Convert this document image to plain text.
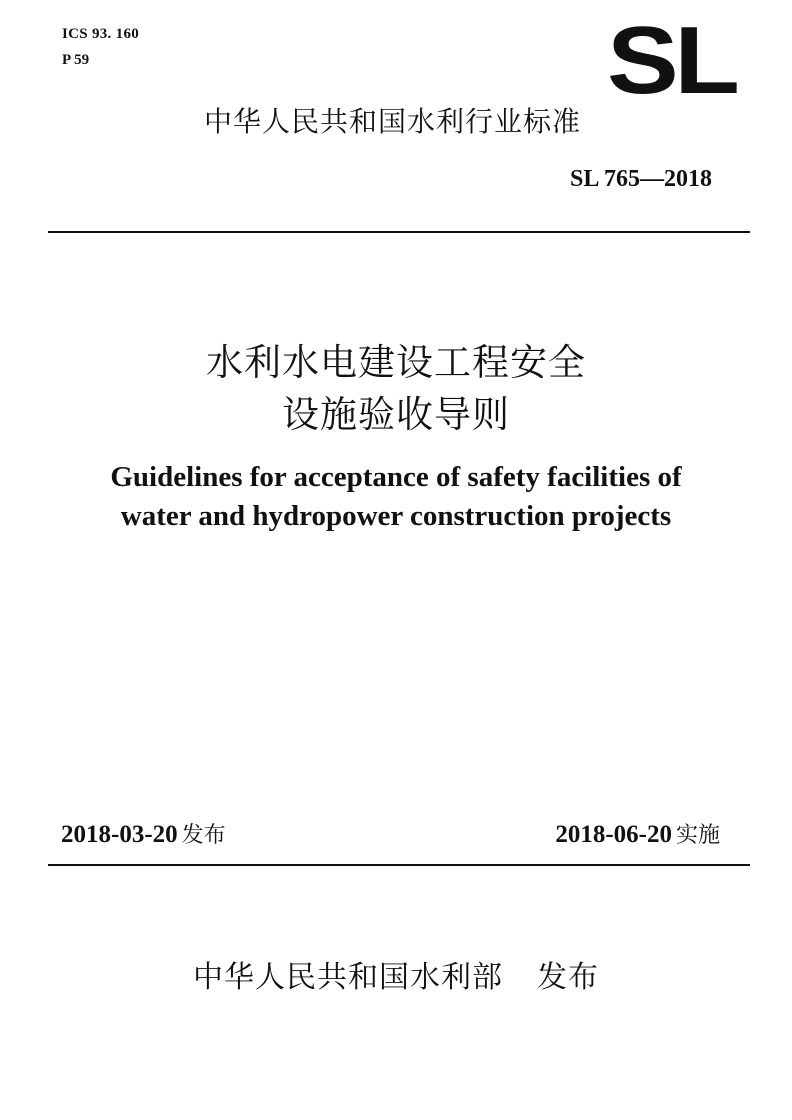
ICS 93. 160
P 59	SL
中华人民共和国水利行业标准
SL 765—2018
水利水电建设工程安全
设施验收导则
Guidelines for acceptance of safety facilities of
water and hydropower construction projects
2018-03-20 发布	2018-06-20 实施
中华人民共和国水利部 发布
